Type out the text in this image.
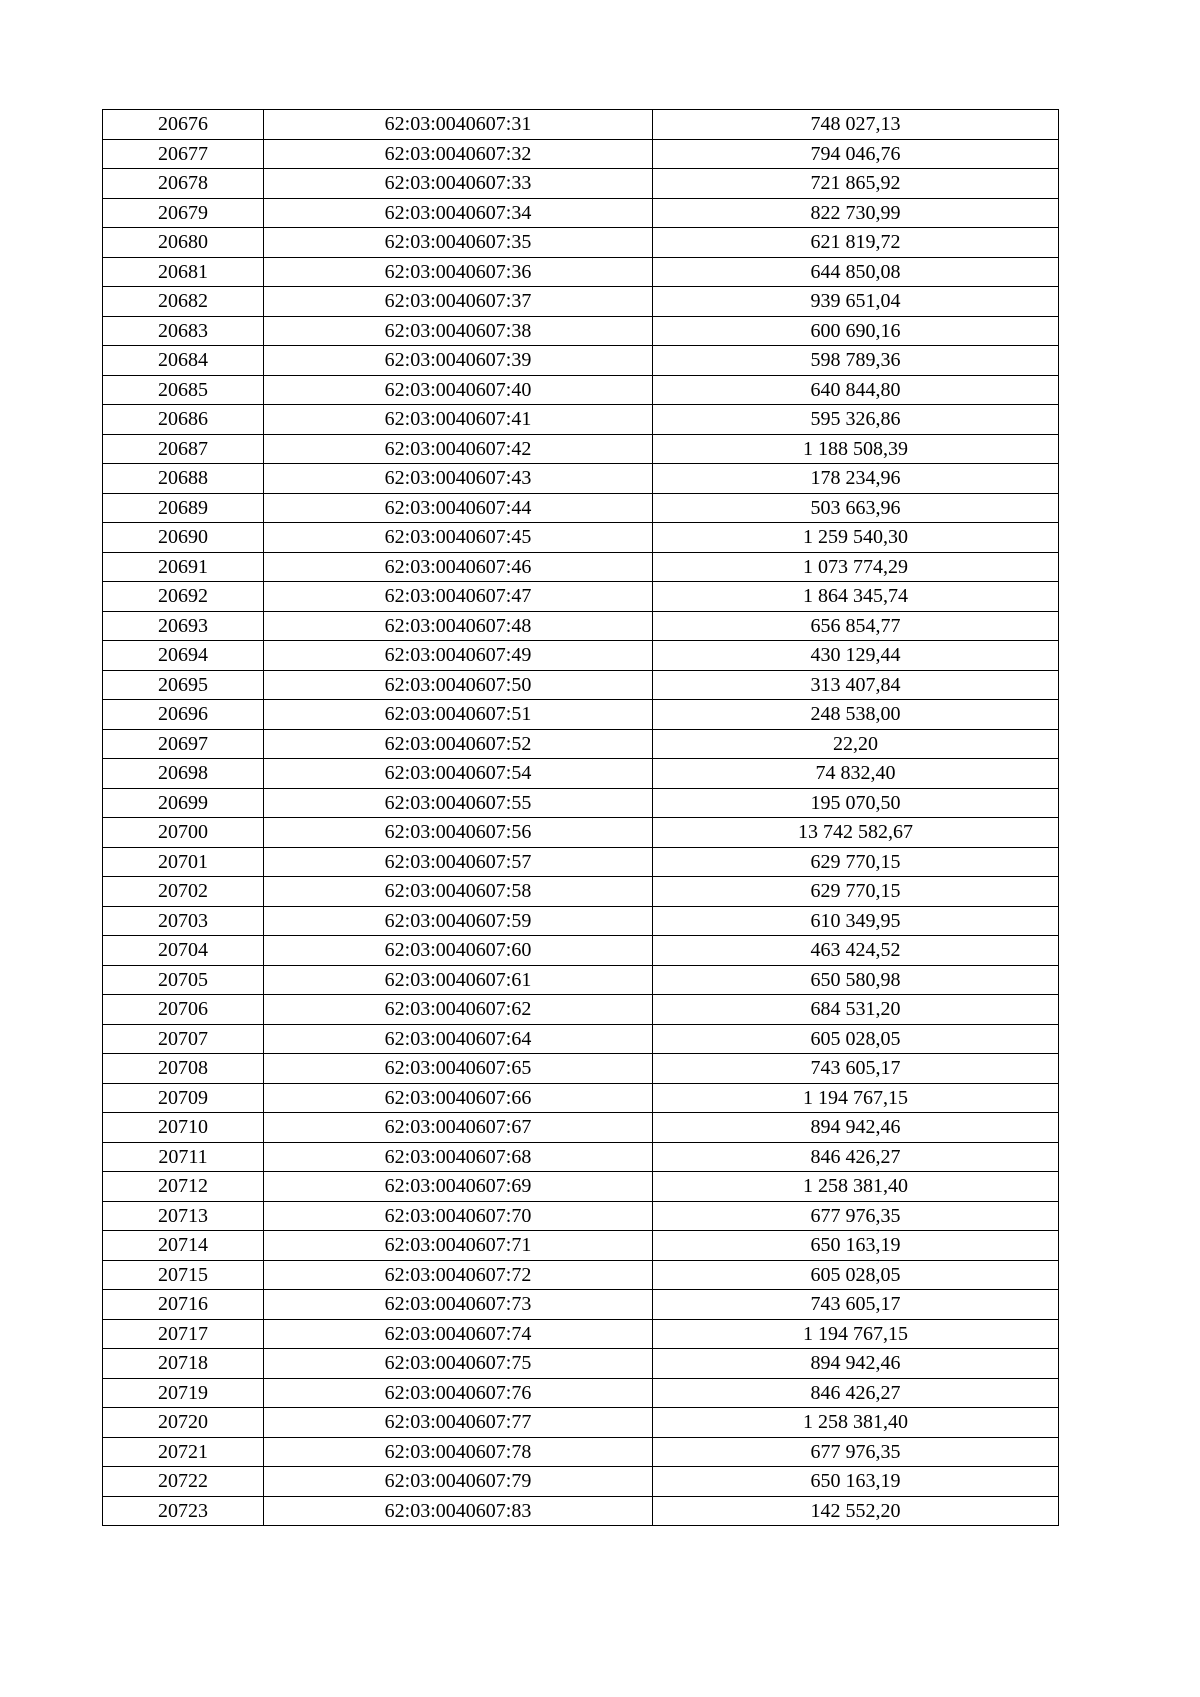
20676	62:03:0040607:31	748 027,13
20677	62:03:0040607:32	794 046,76
20678	62:03:0040607:33	721 865,92
20679	62:03:0040607:34	822 730,99
20680	62:03:0040607:35	621 819,72
20681	62:03:0040607:36	644 850,08
20682	62:03:0040607:37	939 651,04
20683	62:03:0040607:38	600 690,16
20684	62:03:0040607:39	598 789,36
20685	62:03:0040607:40	640 844,80
20686	62:03:0040607:41	595 326,86
20687	62:03:0040607:42	1 188 508,39
20688	62:03:0040607:43	178 234,96
20689	62:03:0040607:44	503 663,96
20690	62:03:0040607:45	1 259 540,30
20691	62:03:0040607:46	1 073 774,29
20692	62:03:0040607:47	1 864 345,74
20693	62:03:0040607:48	656 854,77
20694	62:03:0040607:49	430 129,44
20695	62:03:0040607:50	313 407,84
20696	62:03:0040607:51	248 538,00
20697	62:03:0040607:52	22,20
20698	62:03:0040607:54	74 832,40
20699	62:03:0040607:55	195 070,50
20700	62:03:0040607:56	13 742 582,67
20701	62:03:0040607:57	629 770,15
20702	62:03:0040607:58	629 770,15
20703	62:03:0040607:59	610 349,95
20704	62:03:0040607:60	463 424,52
20705	62:03:0040607:61	650 580,98
20706	62:03:0040607:62	684 531,20
20707	62:03:0040607:64	605 028,05
20708	62:03:0040607:65	743 605,17
20709	62:03:0040607:66	1 194 767,15
20710	62:03:0040607:67	894 942,46
20711	62:03:0040607:68	846 426,27
20712	62:03:0040607:69	1 258 381,40
20713	62:03:0040607:70	677 976,35
20714	62:03:0040607:71	650 163,19
20715	62:03:0040607:72	605 028,05
20716	62:03:0040607:73	743 605,17
20717	62:03:0040607:74	1 194 767,15
20718	62:03:0040607:75	894 942,46
20719	62:03:0040607:76	846 426,27
20720	62:03:0040607:77	1 258 381,40
20721	62:03:0040607:78	677 976,35
20722	62:03:0040607:79	650 163,19
20723	62:03:0040607:83	142 552,20
